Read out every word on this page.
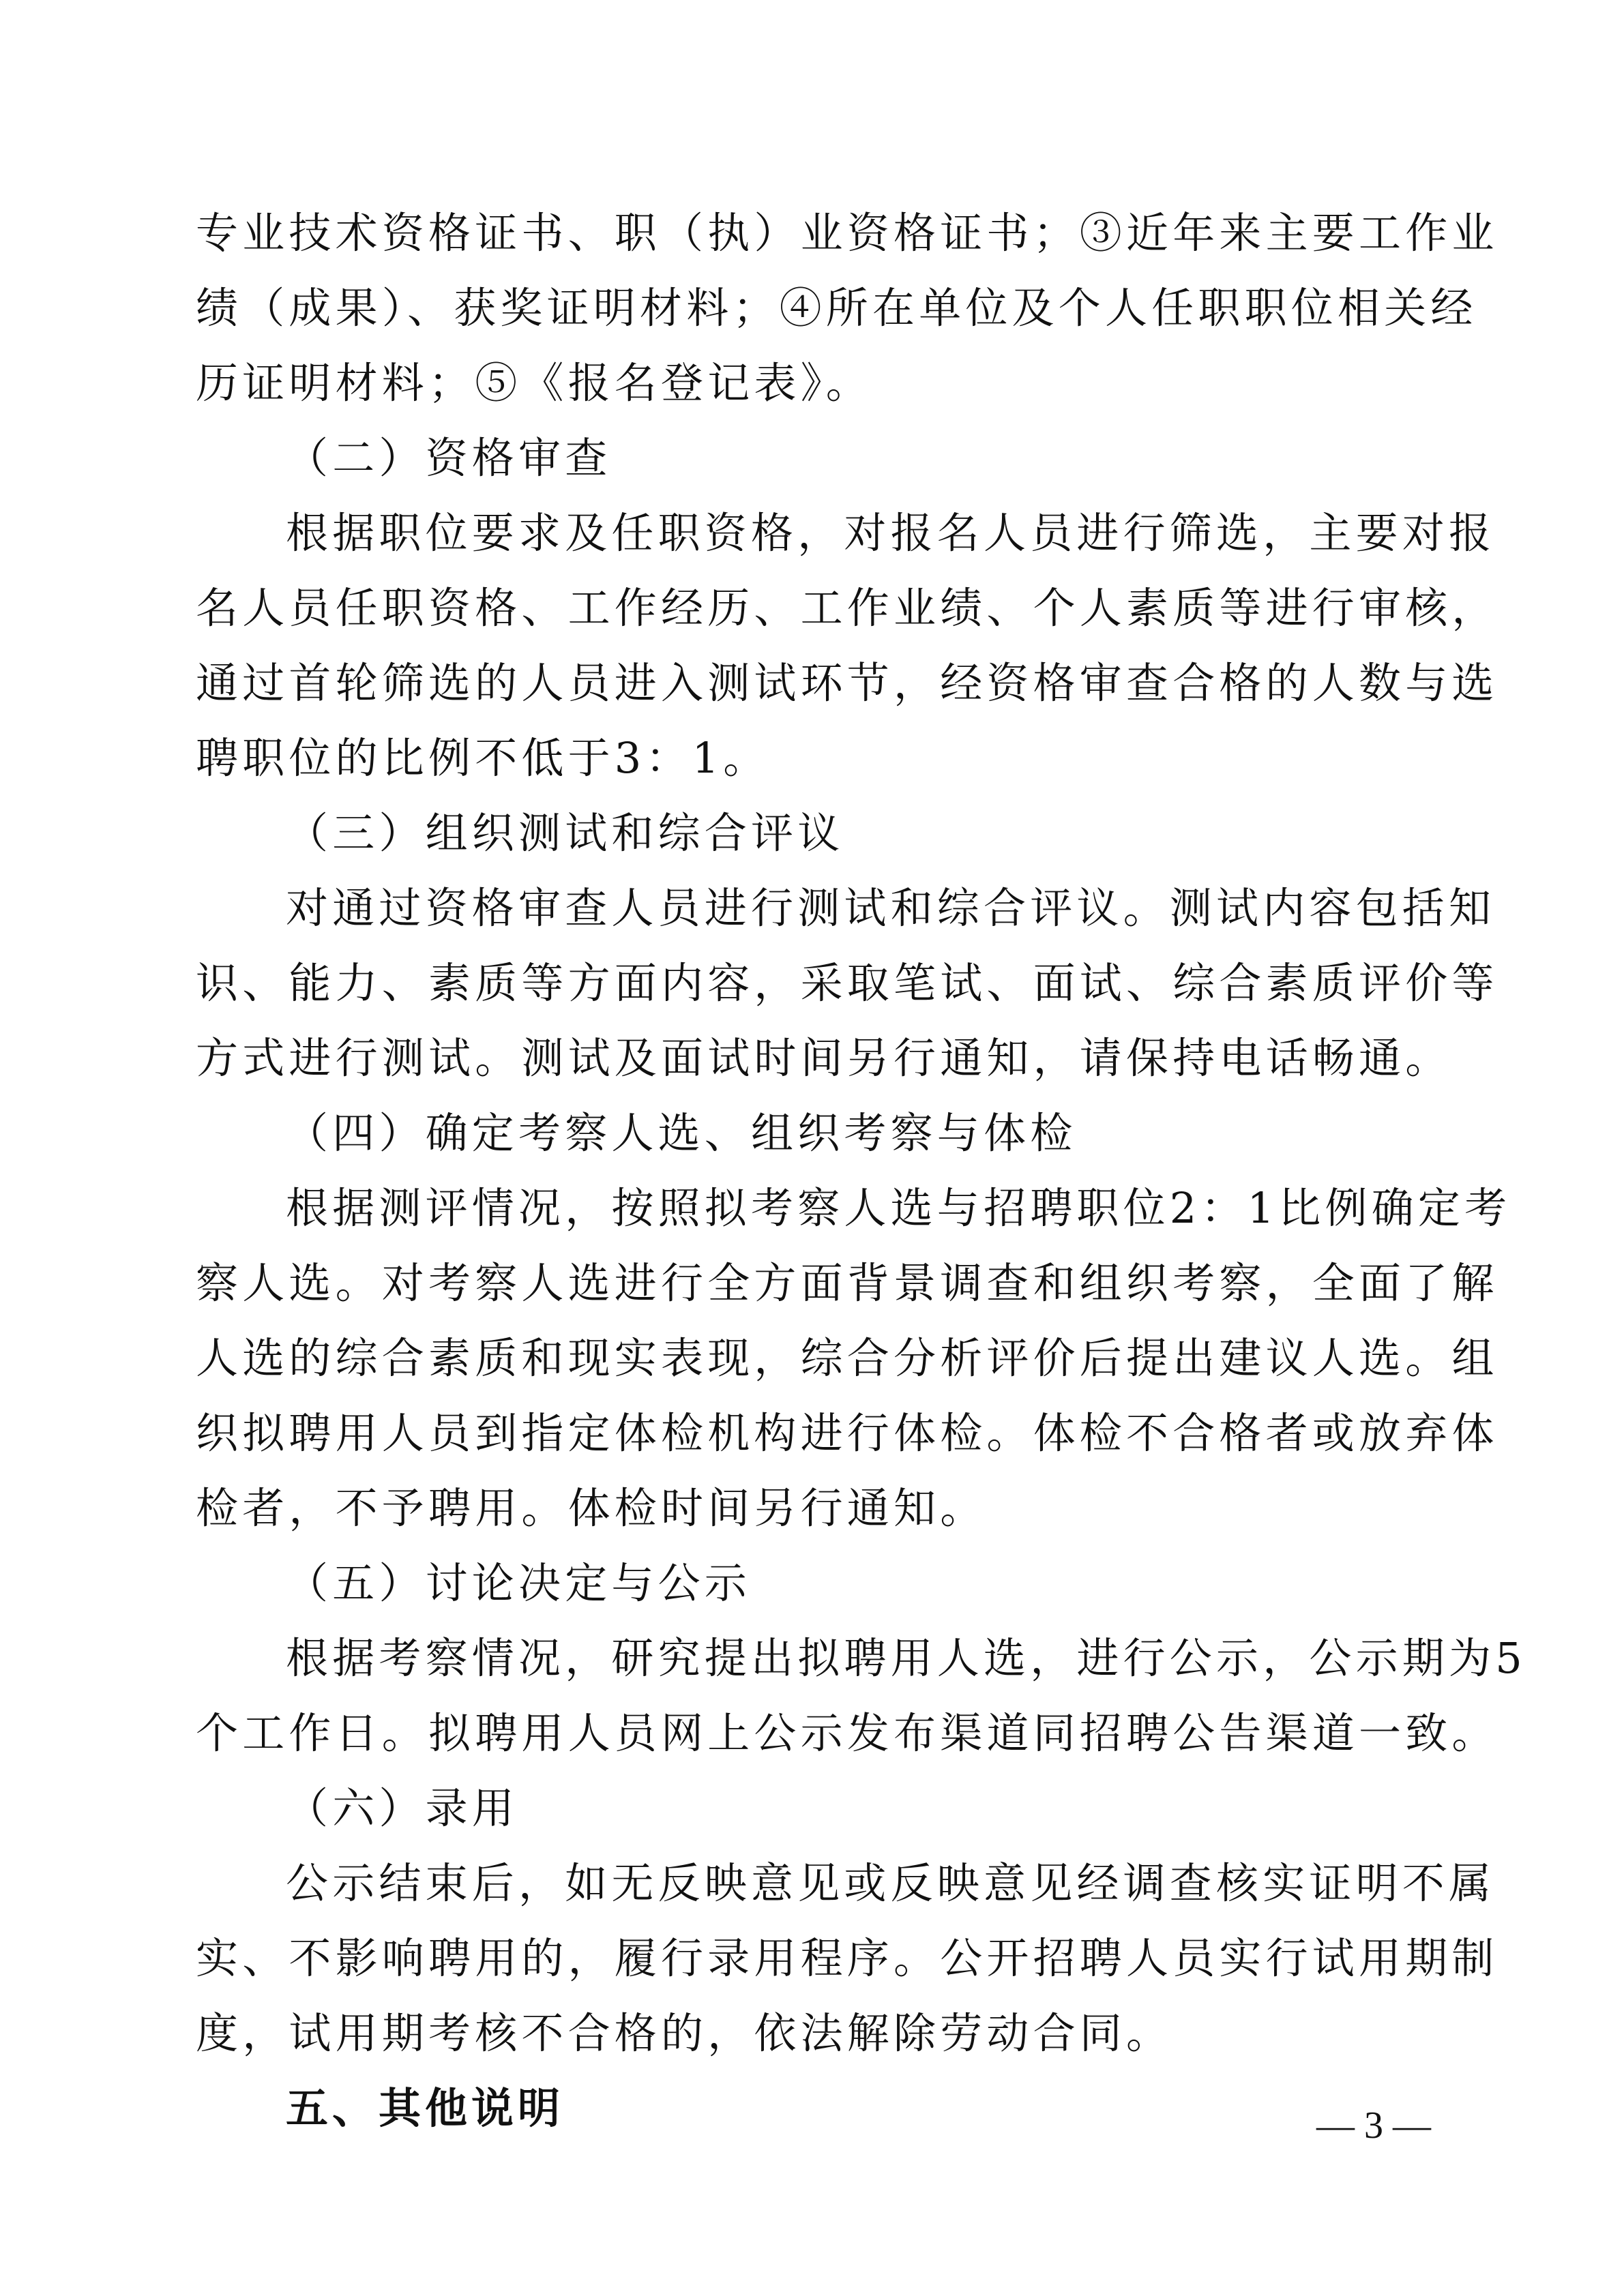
专业技术资格证书、职（执）业资格证书；③近年来主要工作业
绩（成果）、获奖证明材料；④所在单位及个人任职职位相关经
历证明材料；⑤《报名登记表》。
（二）资格审查
根据职位要求及任职资格，对报名人员进行筛选，主要对报
名人员任职资格、工作经历、工作业绩、个人素质等进行审核，
通过首轮筛选的人员进入测试环节，经资格审查合格的人数与选
聘职位的比例不低于3：1。
（三）组织测试和综合评议
对通过资格审查人员进行测试和综合评议。测试内容包括知
识、能力、素质等方面内容，采取笔试、面试、综合素质评价等
方式进行测试。测试及面试时间另行通知，请保持电话畅通。
（四）确定考察人选、组织考察与体检
根据测评情况，按照拟考察人选与招聘职位2：1比例确定考
察人选。对考察人选进行全方面背景调查和组织考察，全面了解
人选的综合素质和现实表现，综合分析评价后提出建议人选。组
织拟聘用人员到指定体检机构进行体检。体检不合格者或放弃体
检者，不予聘用。体检时间另行通知。
（五）讨论决定与公示
根据考察情况，研究提出拟聘用人选，进行公示，公示期为5
个工作日。拟聘用人员网上公示发布渠道同招聘公告渠道一致。
（六）录用
公示结束后，如无反映意见或反映意见经调查核实证明不属
实、不影响聘用的，履行录用程序。公开招聘人员实行试用期制
度，试用期考核不合格的，依法解除劳动合同。
五、其他说明	— 3 —
